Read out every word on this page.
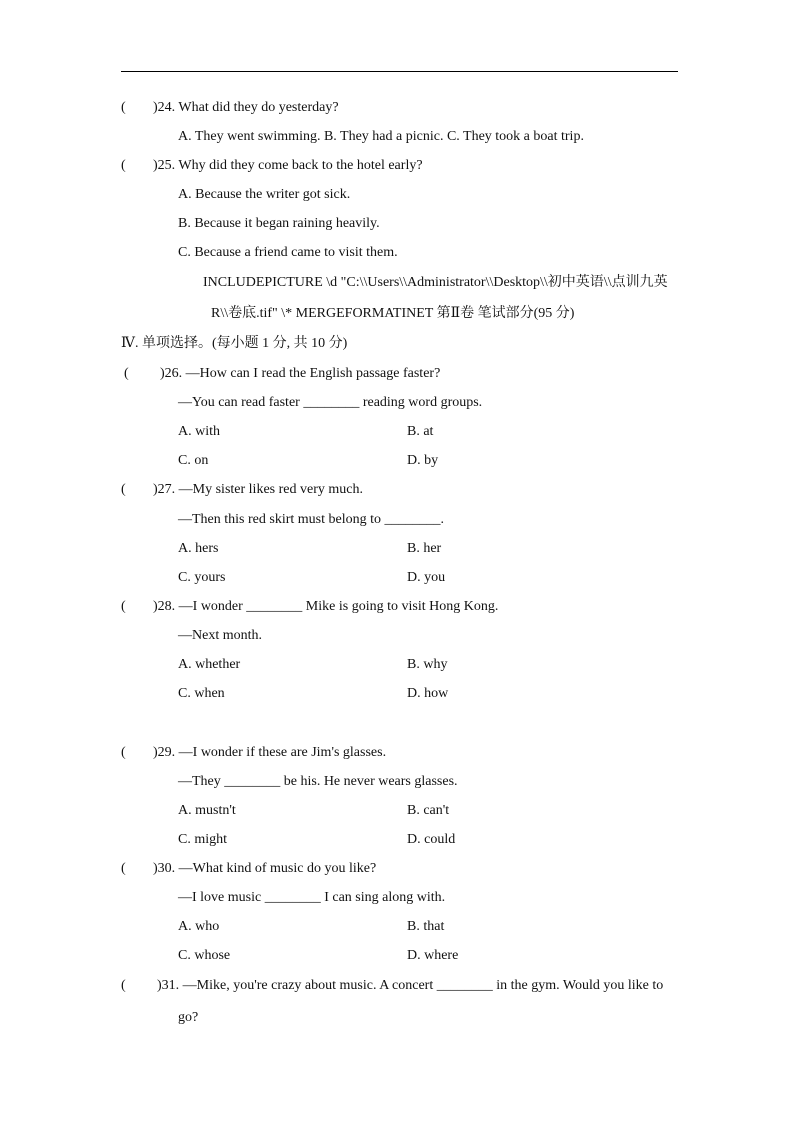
( )24. What did they do yesterday?
A. They went swimming. B. They had a picnic. C. They took a boat trip.
( )25. Why did they come back to the hotel early?
A. Because the writer got sick.
B. Because it began raining heavily.
C. Because a friend came to visit them.
INCLUDEPICTURE \d "C:\\Users\\Administrator\\Desktop\\初中英语\\点训九英
R\\卷底.tif" \* MERGEFORMATINET 第Ⅱ卷 笔试部分(95 分)
Ⅳ. 单项选择。(每小题 1 分, 共 10 分)
( )26. —How can I read the English passage faster?
—You can read faster ________ reading word groups.
A. with	B. at
C. on	D. by
( )27. —My sister likes red very much.
—Then this red skirt must belong to ________.
A. hers	B. her
C. yours	D. you
( )28. —I wonder ________ Mike is going to visit Hong Kong.
—Next month.
A. whether	B. why
C. when	D. how
( )29. —I wonder if these are Jim's glasses.
—They ________ be his. He never wears glasses.
A. mustn't	B. can't
C. might	D. could
( )30. —What kind of music do you like?
—I love music ________ I can sing along with.
A. who	B. that
C. whose	D. where
( )31. —Mike, you're crazy about music. A concert ________ in the gym. Would you like to
go?
